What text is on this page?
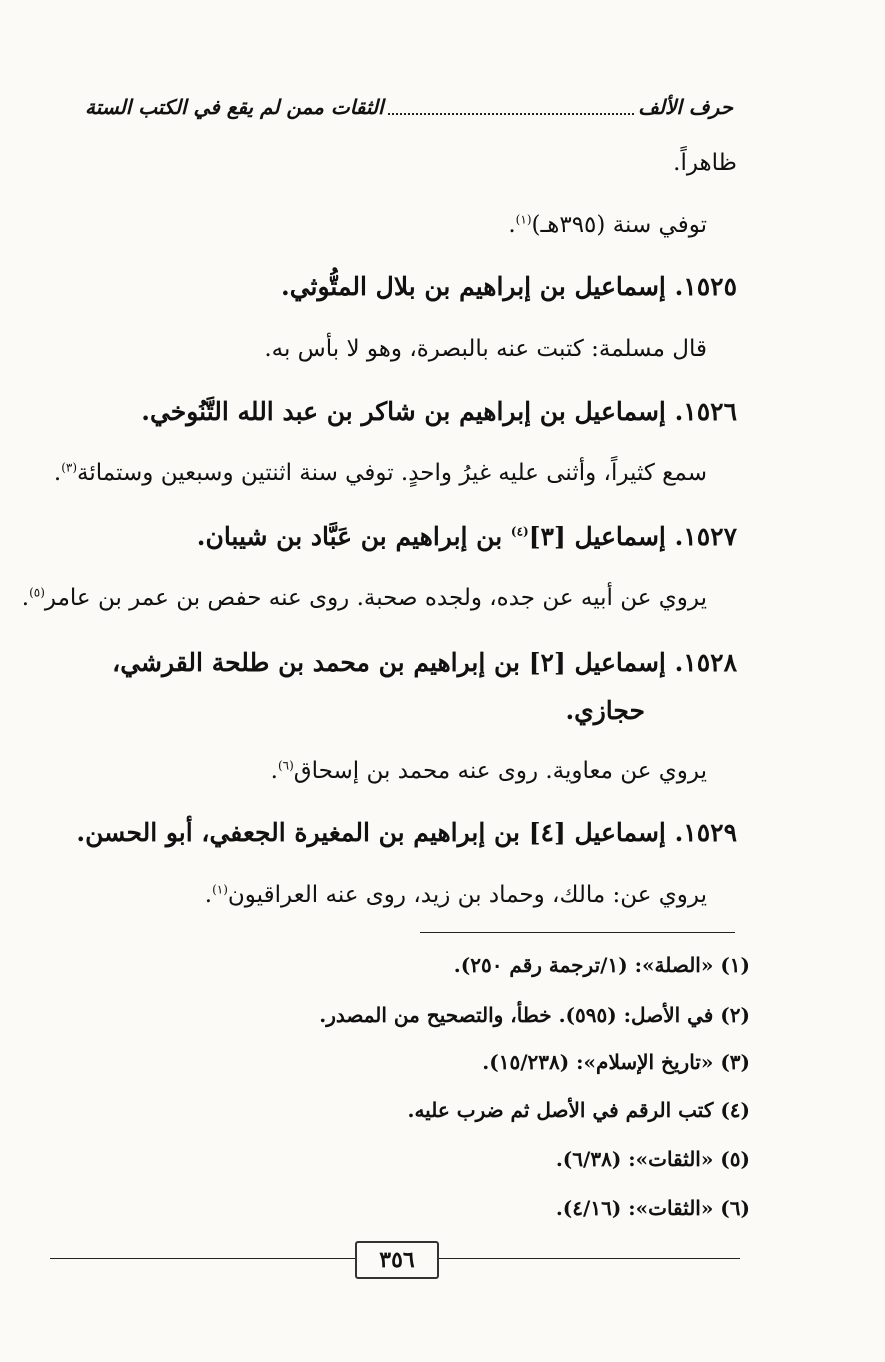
حرف الألف
الثقات ممن لم يقع في الكتب الستة
ظاهراً.
توفي سنة (٣٩٥هـ)$^{(١)}$.
١٥٢٥. إسماعيل بن إبراهيم بن بلال المتُّوثي.
قال مسلمة: كتبت عنه بالبصرة، وهو لا بأس به.
١٥٢٦. إسماعيل بن إبراهيم بن شاكر بن عبد الله التَّنُوخي.
سمع كثيراً، وأثنى عليه غيرُ واحدٍ. توفي سنة اثنتين وسبعين وستمائة$^{(٣)}$.
١٥٢٧. إسماعيل [٣]$^{(٤)}$ بن إبراهيم بن عَبَّاد بن شيبان.
يروي عن أبيه عن جده، ولجده صحبة. روى عنه حفص بن عمر بن عامر$^{(٥)}$.
١٥٢٨. إسماعيل [٢] بن إبراهيم بن محمد بن طلحة القرشي،
حجازي.
يروي عن معاوية. روى عنه محمد بن إسحاق$^{(٦)}$.
١٥٢٩. إسماعيل [٤] بن إبراهيم بن المغيرة الجعفي، أبو الحسن.
يروي عن: مالك، وحماد بن زيد، روى عنه العراقيون$^{(١)}$.
(١) «الصلة»: (١/ترجمة رقم ٢٥٠).
(٢) في الأصل: (٥٩٥). خطأ، والتصحيح من المصدر.
(٣) «تاريخ الإسلام»: (١٥/٢٣٨).
(٤) كتب الرقم في الأصل ثم ضرب عليه.
(٥) «الثقات»: (٦/٣٨).
(٦) «الثقات»: (٤/١٦).
٣٥٦
